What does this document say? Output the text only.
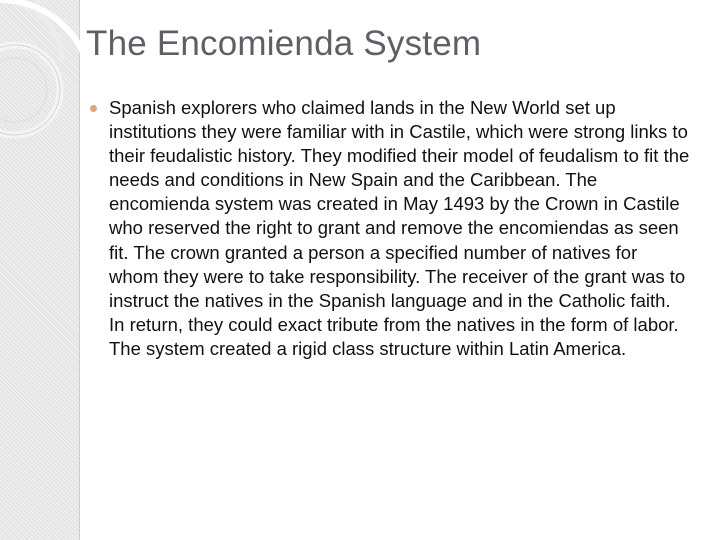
The Encomienda System
Spanish explorers who claimed lands in the New World set up institutions they were familiar with in Castile, which were strong links to their feudalistic history. They modified their model of feudalism to fit the needs and conditions in New Spain and the Caribbean. The encomienda system was created in May 1493 by the Crown in Castile who reserved the right to grant and remove the encomiendas as seen fit. The crown granted a person a specified number of natives for whom they were to take responsibility. The receiver of the grant was to instruct the natives in the Spanish language and in the Catholic faith. In return, they could exact tribute from the natives in the form of labor. The system created a rigid class structure within Latin America.
